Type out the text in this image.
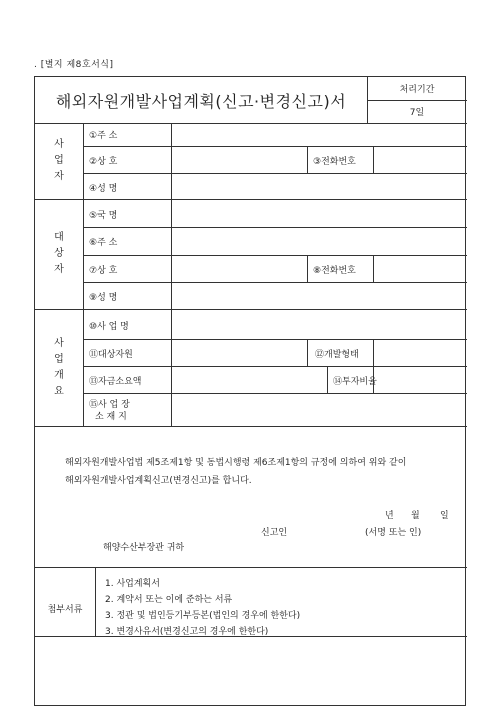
. [별지 제8호서식]
해외자원개발사업계획(신고·변경신고)서
처리기간
7일
사
업
자
①주 소
②상 호	③전화번호
④성 명
대
상
자
⑤국 명
⑥주 소
⑦상 호	⑧전화번호
⑨성 명
사
업
개
요
⑩사 업 명
⑪대상자원	⑫개발형태
⑬자금소요액	⑭투자비율
⑮사 업 장
소 재 지
해외자원개발사업법 제5조제1항 및 동법시행령 제6조제1항의 규정에 의하여 위와 같이
해외자원개발사업계획신고(변경신고)를 합니다.
년 월 일
신고인	(서명 또는 인)
해양수산부장관 귀하
첨부서류
1. 사업계획서
2. 계약서 또는 이에 준하는 서류
3. 정관 및 법인등기부등본(법인의 경우에 한한다)
3. 변경사유서(변경신고의 경우에 한한다)
